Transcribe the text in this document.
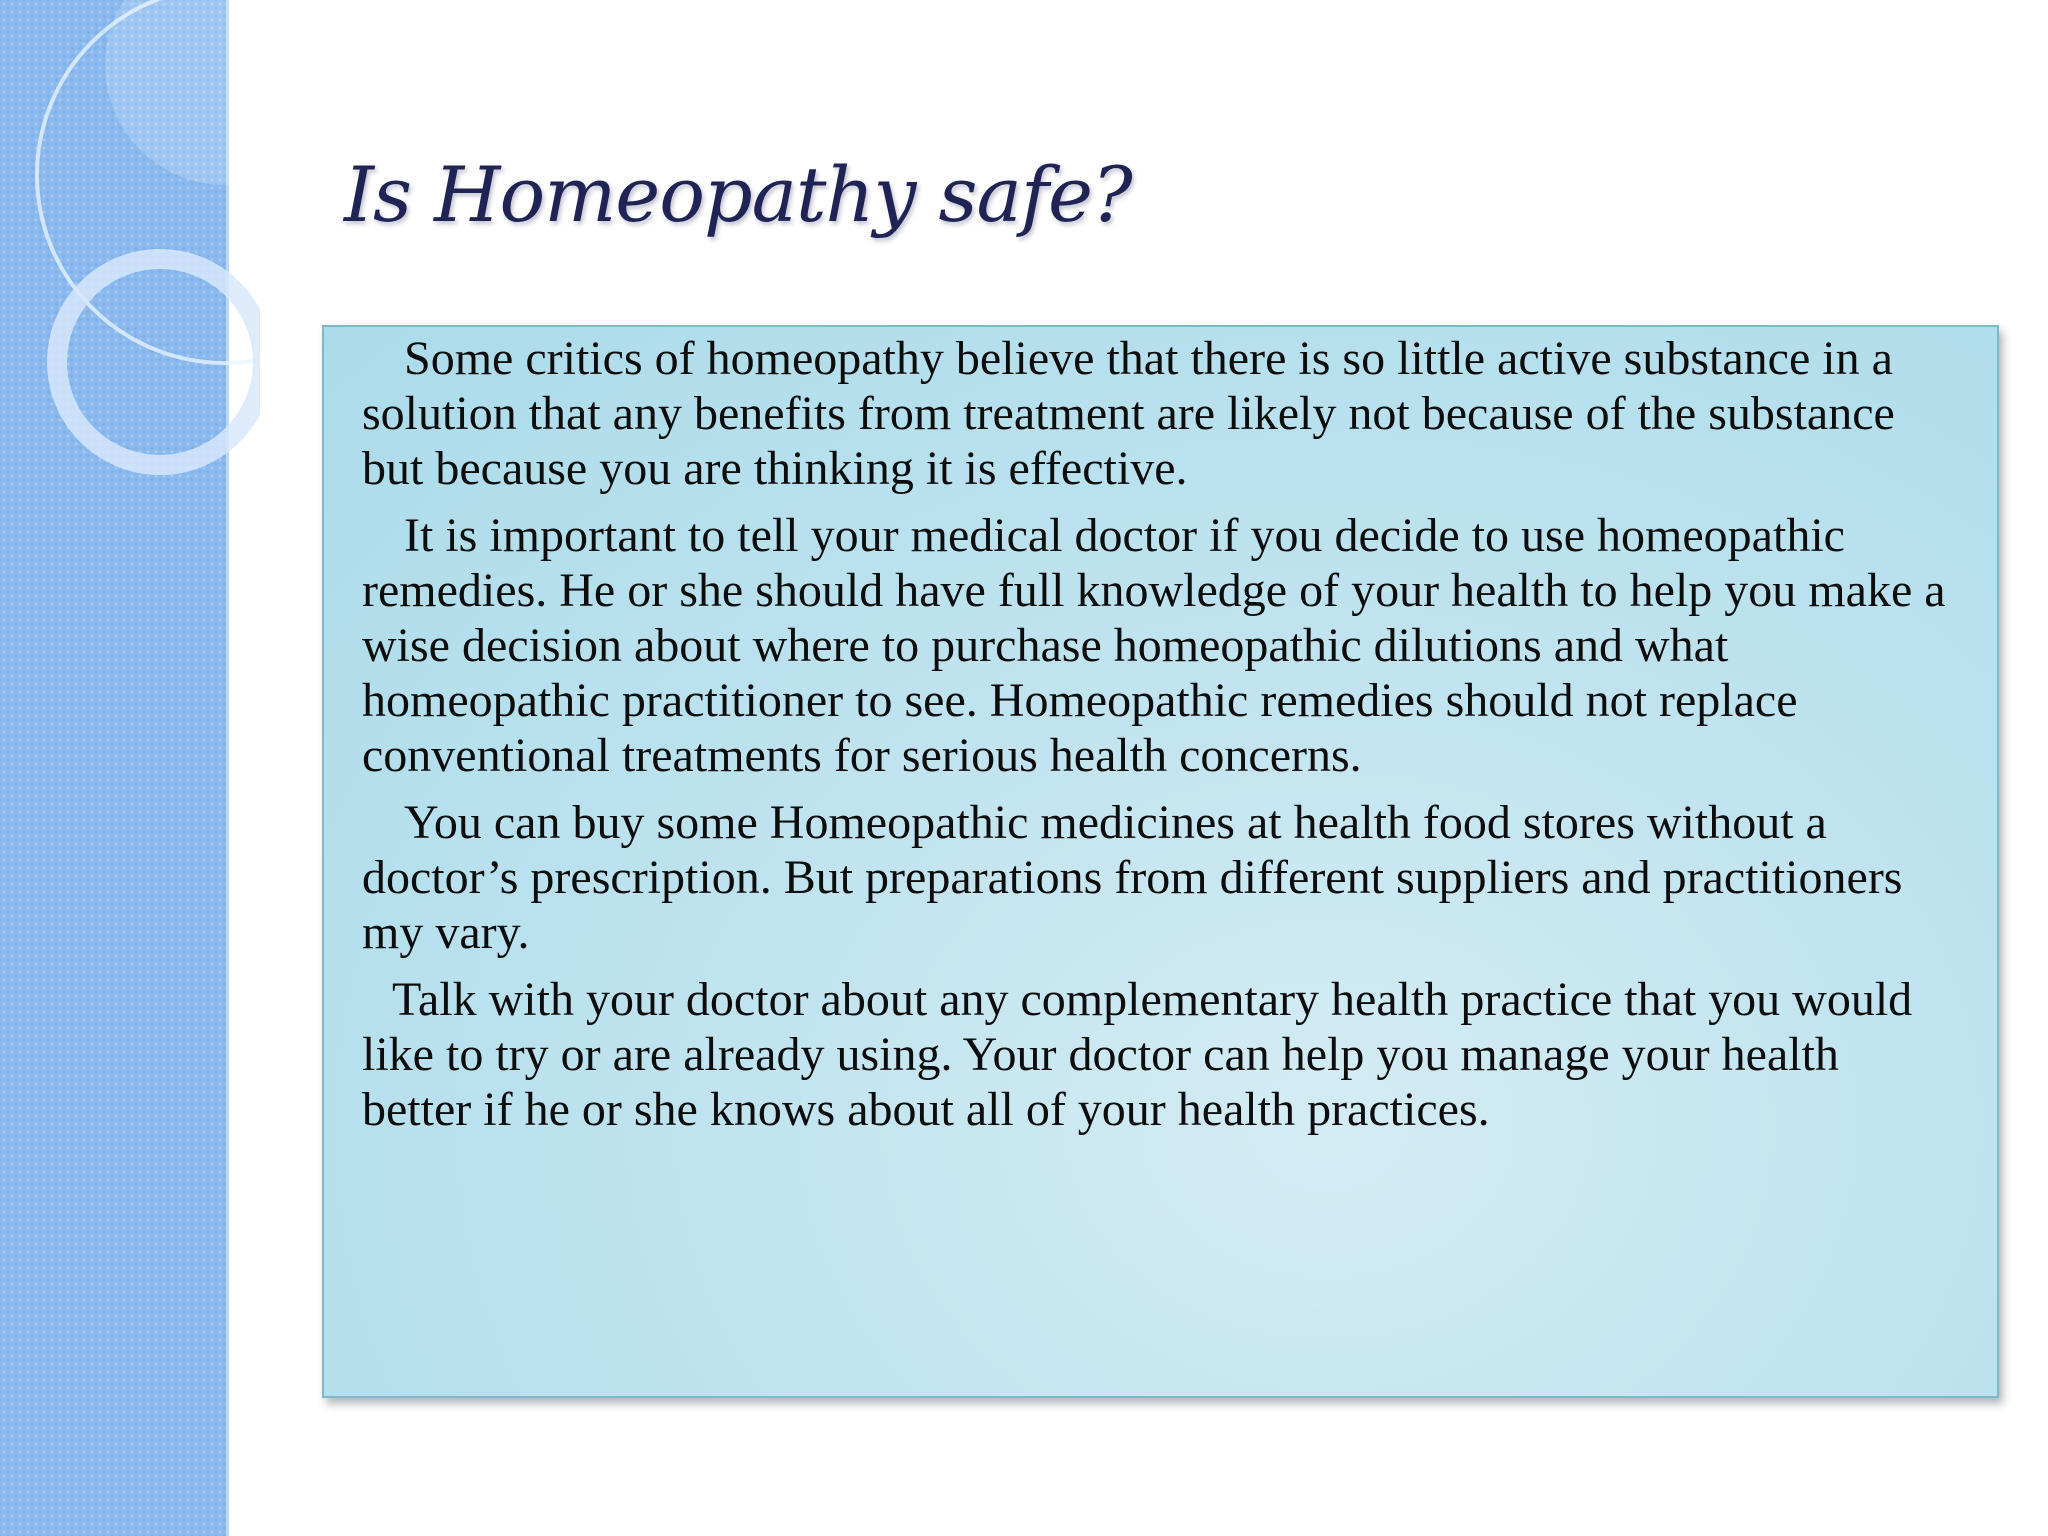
Is Homeopathy safe?

Some critics of homeopathy believe that there is so little active substance in a solution that any benefits from treatment are likely not because of the substance but because you are thinking it is effective.

It is important to tell your medical doctor if you decide to use homeopathic remedies. He or she should have full knowledge of your health to help you make a wise decision about where to purchase homeopathic dilutions and what homeopathic practitioner to see. Homeopathic remedies should not replace conventional treatments for serious health concerns.

You can buy some Homeopathic medicines at health food stores without a doctor’s prescription. But preparations from different suppliers and practitioners my vary.

Talk with your doctor about any complementary health practice that you would like to try or are already using. Your doctor can help you manage your health better if he or she knows about all of your health practices.
